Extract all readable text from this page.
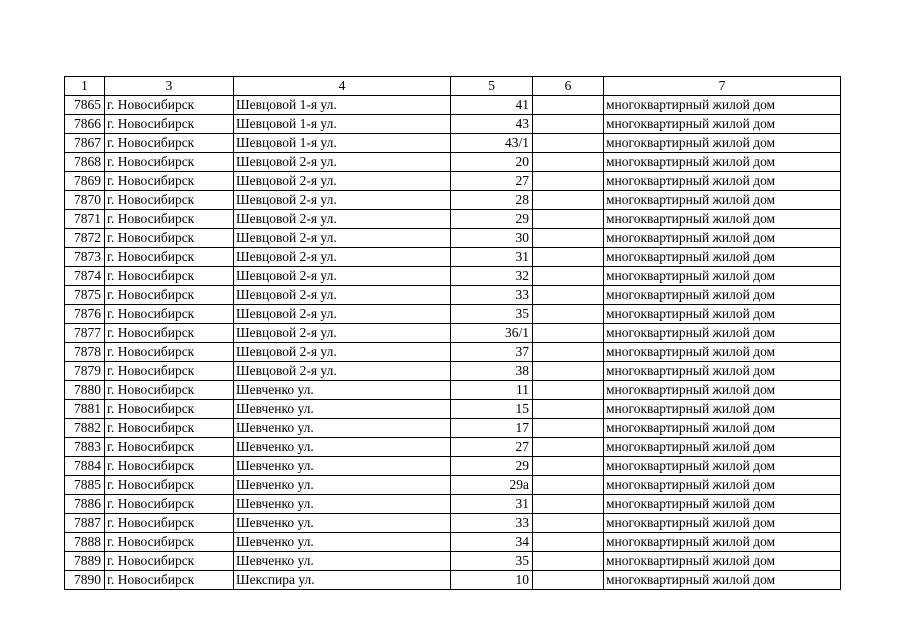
1	3	4	5	6	7
7865	г. Новосибирск	Шевцовой 1-я ул.	41		многоквартирный жилой дом
7866	г. Новосибирск	Шевцовой 1-я ул.	43		многоквартирный жилой дом
7867	г. Новосибирск	Шевцовой 1-я ул.	43/1		многоквартирный жилой дом
7868	г. Новосибирск	Шевцовой 2-я ул.	20		многоквартирный жилой дом
7869	г. Новосибирск	Шевцовой 2-я ул.	27		многоквартирный жилой дом
7870	г. Новосибирск	Шевцовой 2-я ул.	28		многоквартирный жилой дом
7871	г. Новосибирск	Шевцовой 2-я ул.	29		многоквартирный жилой дом
7872	г. Новосибирск	Шевцовой 2-я ул.	30		многоквартирный жилой дом
7873	г. Новосибирск	Шевцовой 2-я ул.	31		многоквартирный жилой дом
7874	г. Новосибирск	Шевцовой 2-я ул.	32		многоквартирный жилой дом
7875	г. Новосибирск	Шевцовой 2-я ул.	33		многоквартирный жилой дом
7876	г. Новосибирск	Шевцовой 2-я ул.	35		многоквартирный жилой дом
7877	г. Новосибирск	Шевцовой 2-я ул.	36/1		многоквартирный жилой дом
7878	г. Новосибирск	Шевцовой 2-я ул.	37		многоквартирный жилой дом
7879	г. Новосибирск	Шевцовой 2-я ул.	38		многоквартирный жилой дом
7880	г. Новосибирск	Шевченко ул.	11		многоквартирный жилой дом
7881	г. Новосибирск	Шевченко ул.	15		многоквартирный жилой дом
7882	г. Новосибирск	Шевченко ул.	17		многоквартирный жилой дом
7883	г. Новосибирск	Шевченко ул.	27		многоквартирный жилой дом
7884	г. Новосибирск	Шевченко ул.	29		многоквартирный жилой дом
7885	г. Новосибирск	Шевченко ул.	29а		многоквартирный жилой дом
7886	г. Новосибирск	Шевченко ул.	31		многоквартирный жилой дом
7887	г. Новосибирск	Шевченко ул.	33		многоквартирный жилой дом
7888	г. Новосибирск	Шевченко ул.	34		многоквартирный жилой дом
7889	г. Новосибирск	Шевченко ул.	35		многоквартирный жилой дом
7890	г. Новосибирск	Шекспира ул.	10		многоквартирный жилой дом
